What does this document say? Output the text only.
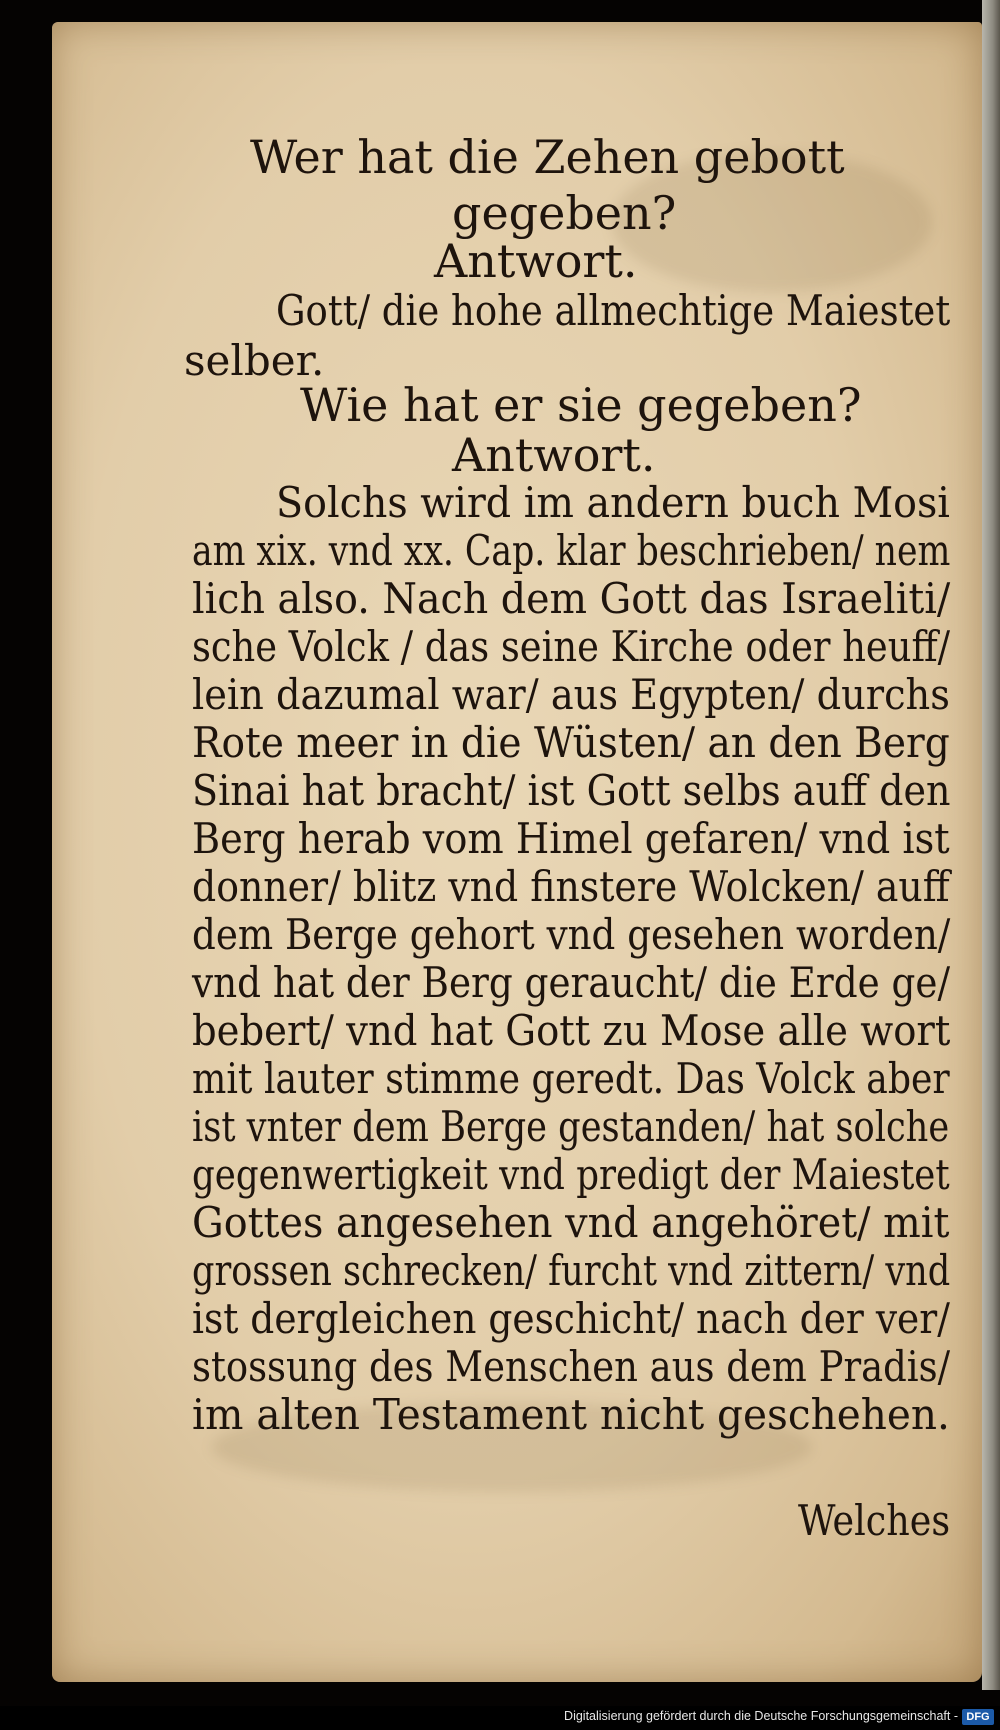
Wer hat die Zehen gebott
gegeben?
Antwort.
Gott/ die hohe allmechtige Maiestet
selber.
Wie hat er sie gegeben?
Antwort.
Solchs wird im andern buch Mosi
am xix. vnd xx. Cap. klar beschrieben/ nem
lich also. Nach dem Gott das Israeliti/
sche Volck / das seine Kirche oder heuff/
lein dazumal war/ aus Egypten/ durchs
Rote meer in die Wüsten/ an den Berg
Sinai hat bracht/ ist Gott selbs auff den
Berg herab vom Himel gefaren/ vnd ist
donner/ blitz vnd finstere Wolcken/ auff
dem Berge gehort vnd gesehen worden/
vnd hat der Berg geraucht/ die Erde ge/
bebert/ vnd hat Gott zu Mose alle wort
mit lauter stimme geredt. Das Volck aber
ist vnter dem Berge gestanden/ hat solche
gegenwertigkeit vnd predigt der Maiestet
Gottes angesehen vnd angehöret/ mit
grossen schrecken/ furcht vnd zittern/ vnd
ist dergleichen geschicht/ nach der ver/
stossung des Menschen aus dem Pradis/
im alten Testament nicht geschehen.
Welches
Digitalisierung gefördert durch die Deutsche Forschungsgemeinschaft - DFG
